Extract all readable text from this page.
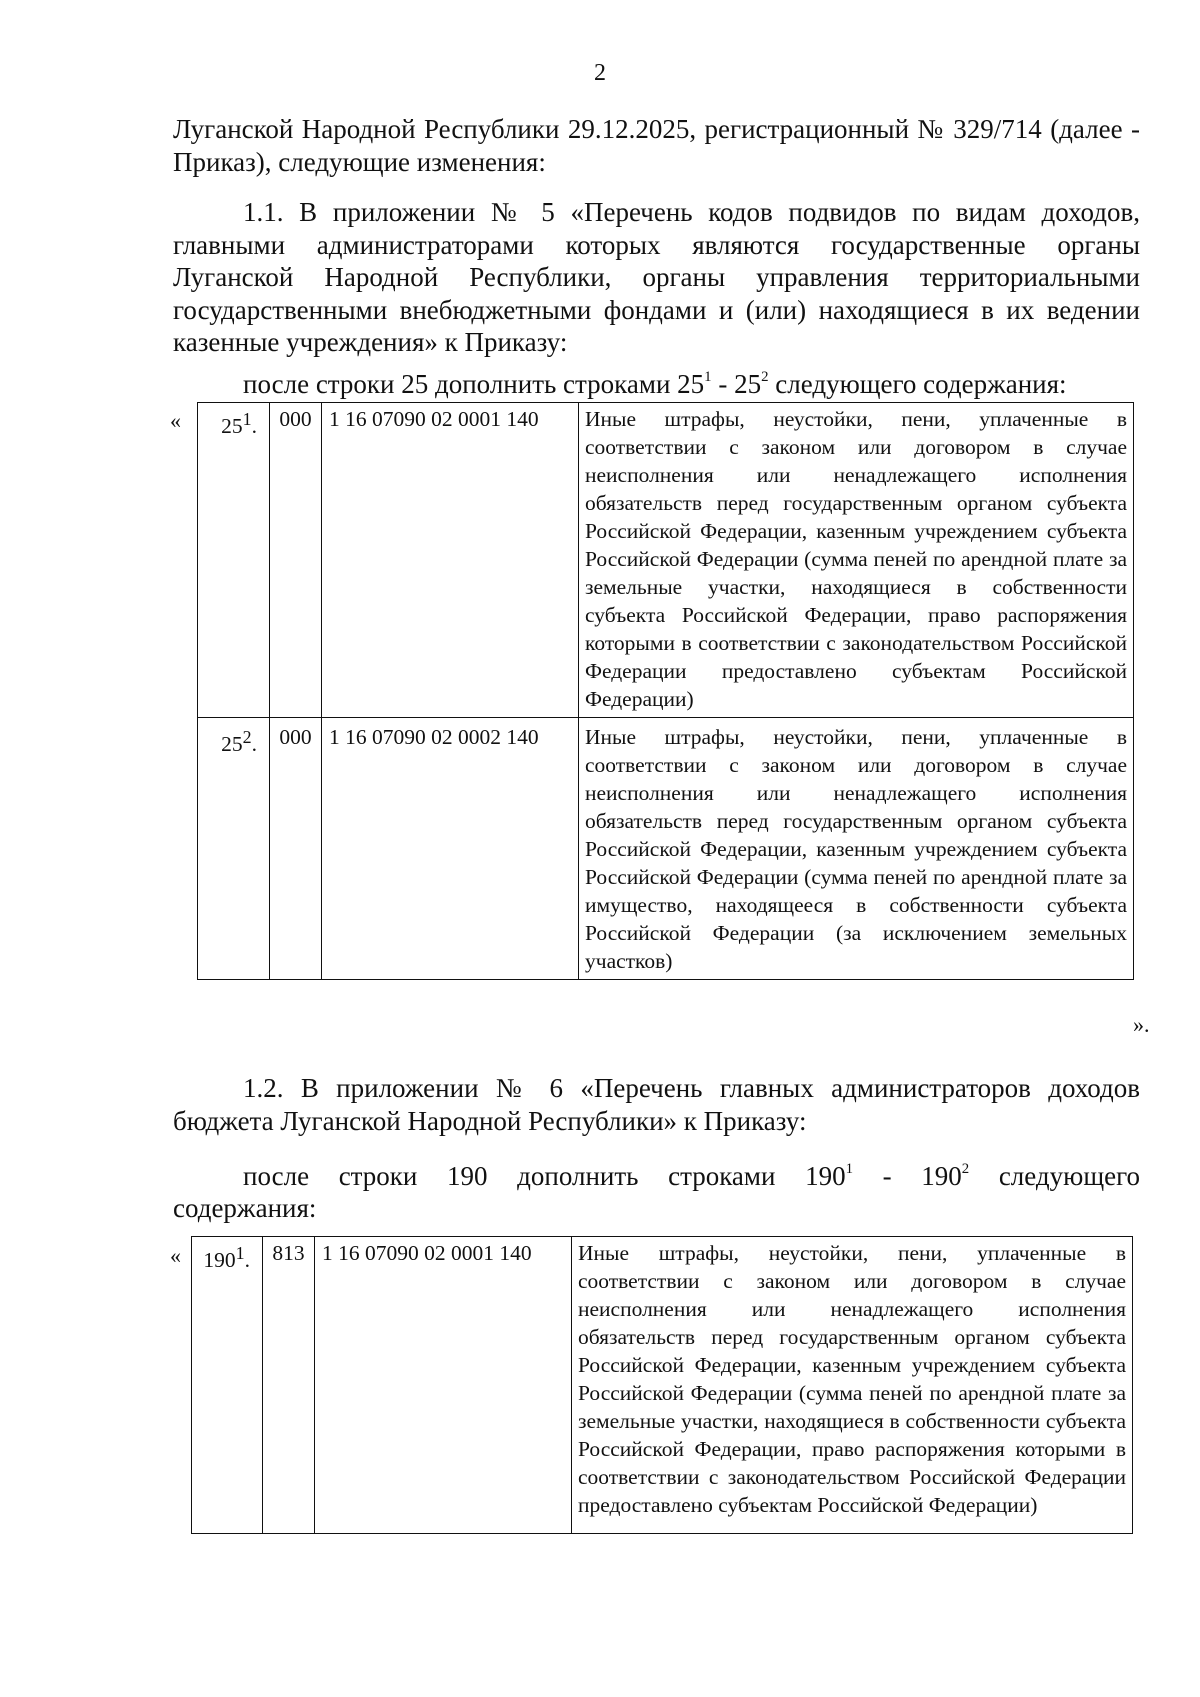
2
Луганской Народной Республики 29.12.2025, регистрационный № 329/714 (далее - Приказ), следующие изменения:
1.1. В приложении № 5 «Перечень кодов подвидов по видам доходов, главными администраторами которых являются государственные органы Луганской Народной Республики, органы управления территориальными государственными внебюджетными фондами и (или) находящиеся в их ведении казенные учреждения» к Приказу:
после строки 25 дополнить строками $25^1 - 25^2$ следующего содержания:
« $25^1$.	000	1 16 07090 02 0001 140	Иные штрафы, неустойки, пени, уплаченные в соответствии с законом или договором в случае неисполнения или ненадлежащего исполнения обязательств перед государственным органом субъекта Российской Федерации, казенным учреждением субъекта Российской Федерации (сумма пеней по арендной плате за земельные участки, находящиеся в собственности субъекта Российской Федерации, право распоряжения которыми в соответствии с законодательством Российской Федерации предоставлено субъектам Российской Федерации)
$25^2$.	000	1 16 07090 02 0002 140	Иные штрафы, неустойки, пени, уплаченные в соответствии с законом или договором в случае неисполнения или ненадлежащего исполнения обязательств перед государственным органом субъекта Российской Федерации, казенным учреждением субъекта Российской Федерации (сумма пеней по арендной плате за имущество, находящееся в собственности субъекта Российской Федерации (за исключением земельных участков)
».
1.2. В приложении № 6 «Перечень главных администраторов доходов бюджета Луганской Народной Республики» к Приказу:
после строки 190 дополнить строками $190^1 - 190^2$ следующего
содержания:
« $190^1$.	813	1 16 07090 02 0001 140	Иные штрафы, неустойки, пени, уплаченные в соответствии с законом или договором в случае неисполнения или ненадлежащего исполнения обязательств перед государственным органом субъекта Российской Федерации, казенным учреждением субъекта Российской Федерации (сумма пеней по арендной плате за земельные участки, находящиеся в собственности субъекта Российской Федерации, право распоряжения которыми в соответствии с законодательством Российской Федерации предоставлено субъектам Российской Федерации)
